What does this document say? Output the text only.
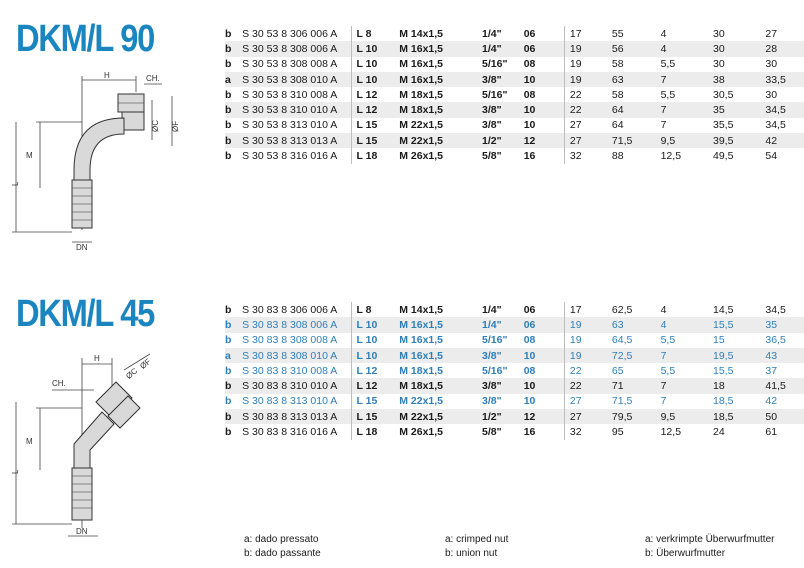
DKM/L 90
H	CH.
M
L
ØC ØF
DN
b	S 30 53 8 306 006 A	L 8	M 14x1,5	1/4"	06	17	55	4	30	27
b	S 30 53 8 308 006 A	L 10	M 16x1,5	1/4"	06	19	56	4	30	28
b	S 30 53 8 308 008 A	L 10	M 16x1,5	5/16"	08	19	58	5,5	30	30
a	S 30 53 8 308 010 A	L 10	M 16x1,5	3/8"	10	19	63	7	38	33,5
b	S 30 53 8 310 008 A	L 12	M 18x1,5	5/16"	08	22	58	5,5	30,5	30
b	S 30 53 8 310 010 A	L 12	M 18x1,5	3/8"	10	22	64	7	35	34,5
b	S 30 53 8 313 010 A	L 15	M 22x1,5	3/8"	10	27	64	7	35,5	34,5
b	S 30 53 8 313 013 A	L 15	M 22x1,5	1/2"	12	27	71,5	9,5	39,5	42
b	S 30 53 8 316 016 A	L 18	M 26x1,5	5/8"	16	32	88	12,5	49,5	54
DKM/L 45
H
CH.
M
L
ØC
ØF
DN
b	S 30 83 8 306 006 A	L 8	M 14x1,5	1/4"	06	17	62,5	4	14,5	34,5
b	S 30 83 8 308 006 A	L 10	M 16x1,5	1/4"	06	19	63	4	15,5	35
b	S 30 83 8 308 008 A	L 10	M 16x1,5	5/16"	08	19	64,5	5,5	15	36,5
a	S 30 83 8 308 010 A	L 10	M 16x1,5	3/8"	10	19	72,5	7	19,5	43
b	S 30 83 8 310 008 A	L 12	M 18x1,5	5/16"	08	22	65	5,5	15,5	37
b	S 30 83 8 310 010 A	L 12	M 18x1,5	3/8"	10	22	71	7	18	41,5
b	S 30 83 8 313 010 A	L 15	M 22x1,5	3/8"	10	27	71,5	7	18,5	42
b	S 30 83 8 313 013 A	L 15	M 22x1,5	1/2"	12	27	79,5	9,5	18,5	50
b	S 30 83 8 316 016 A	L 18	M 26x1,5	5/8"	16	32	95	12,5	24	61
a: dado pressato
b: dado passante
a: crimped nut
b: union nut
a: verkrimpte Überwurfmutter
b: Überwurfmutter
